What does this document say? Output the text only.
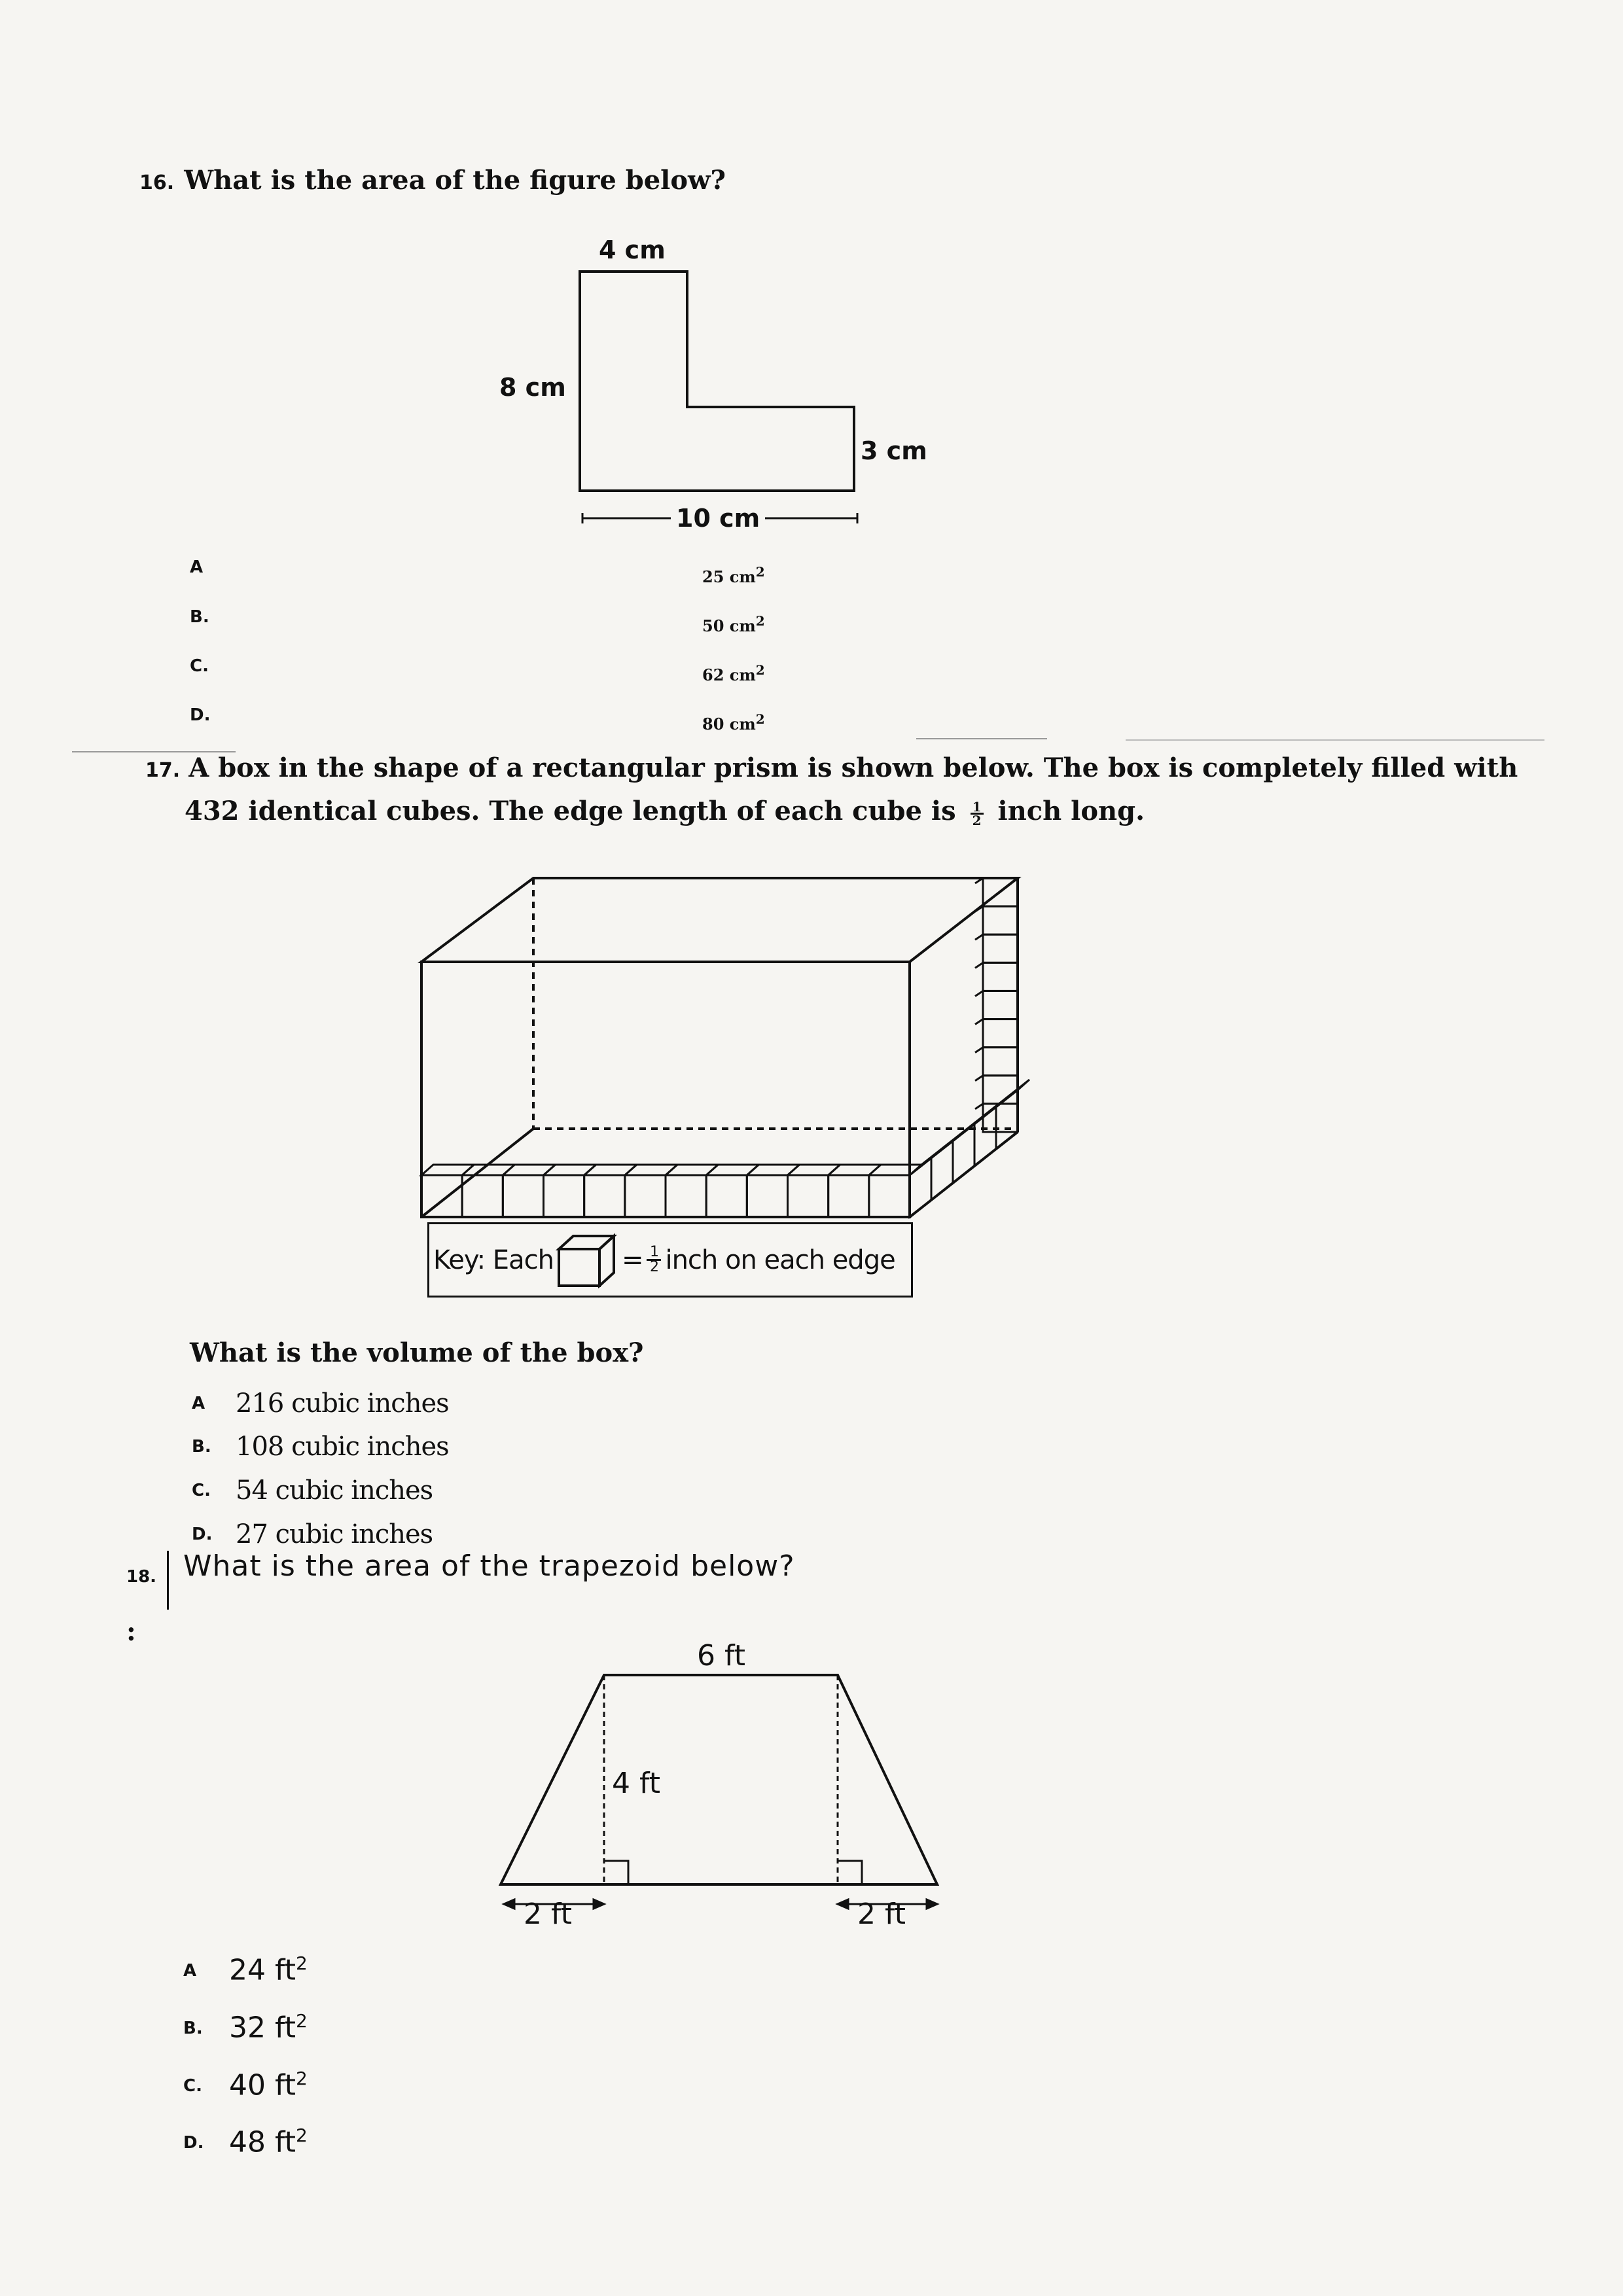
16. What is the area of the figure below?
4 cm
8 cm
3 cm
10 cm
A
B.
C.
D.
25 $cm^2$
50 $cm^2$
62 $cm^2$
80 $cm^2$
17. A box in the shape of a rectangular prism is shown below. The box is completely filled with
432 identical cubes. The edge length of each cube is $\frac{1}{2}$ inch long.
Key: Each	= 1
2 inch on each edge
What is the volume of the box?
A 216 cubic inches
B. 108 cubic inches
C. 54 cubic inches
D. 27 cubic inches
18. What is the area of the trapezoid below?
:
6 ft
4 ft
2 ft	2 ft
A 24 $ft^2$
B. 32 $ft^2$
C. 40 $ft^2$
D. 48 $ft^2$
